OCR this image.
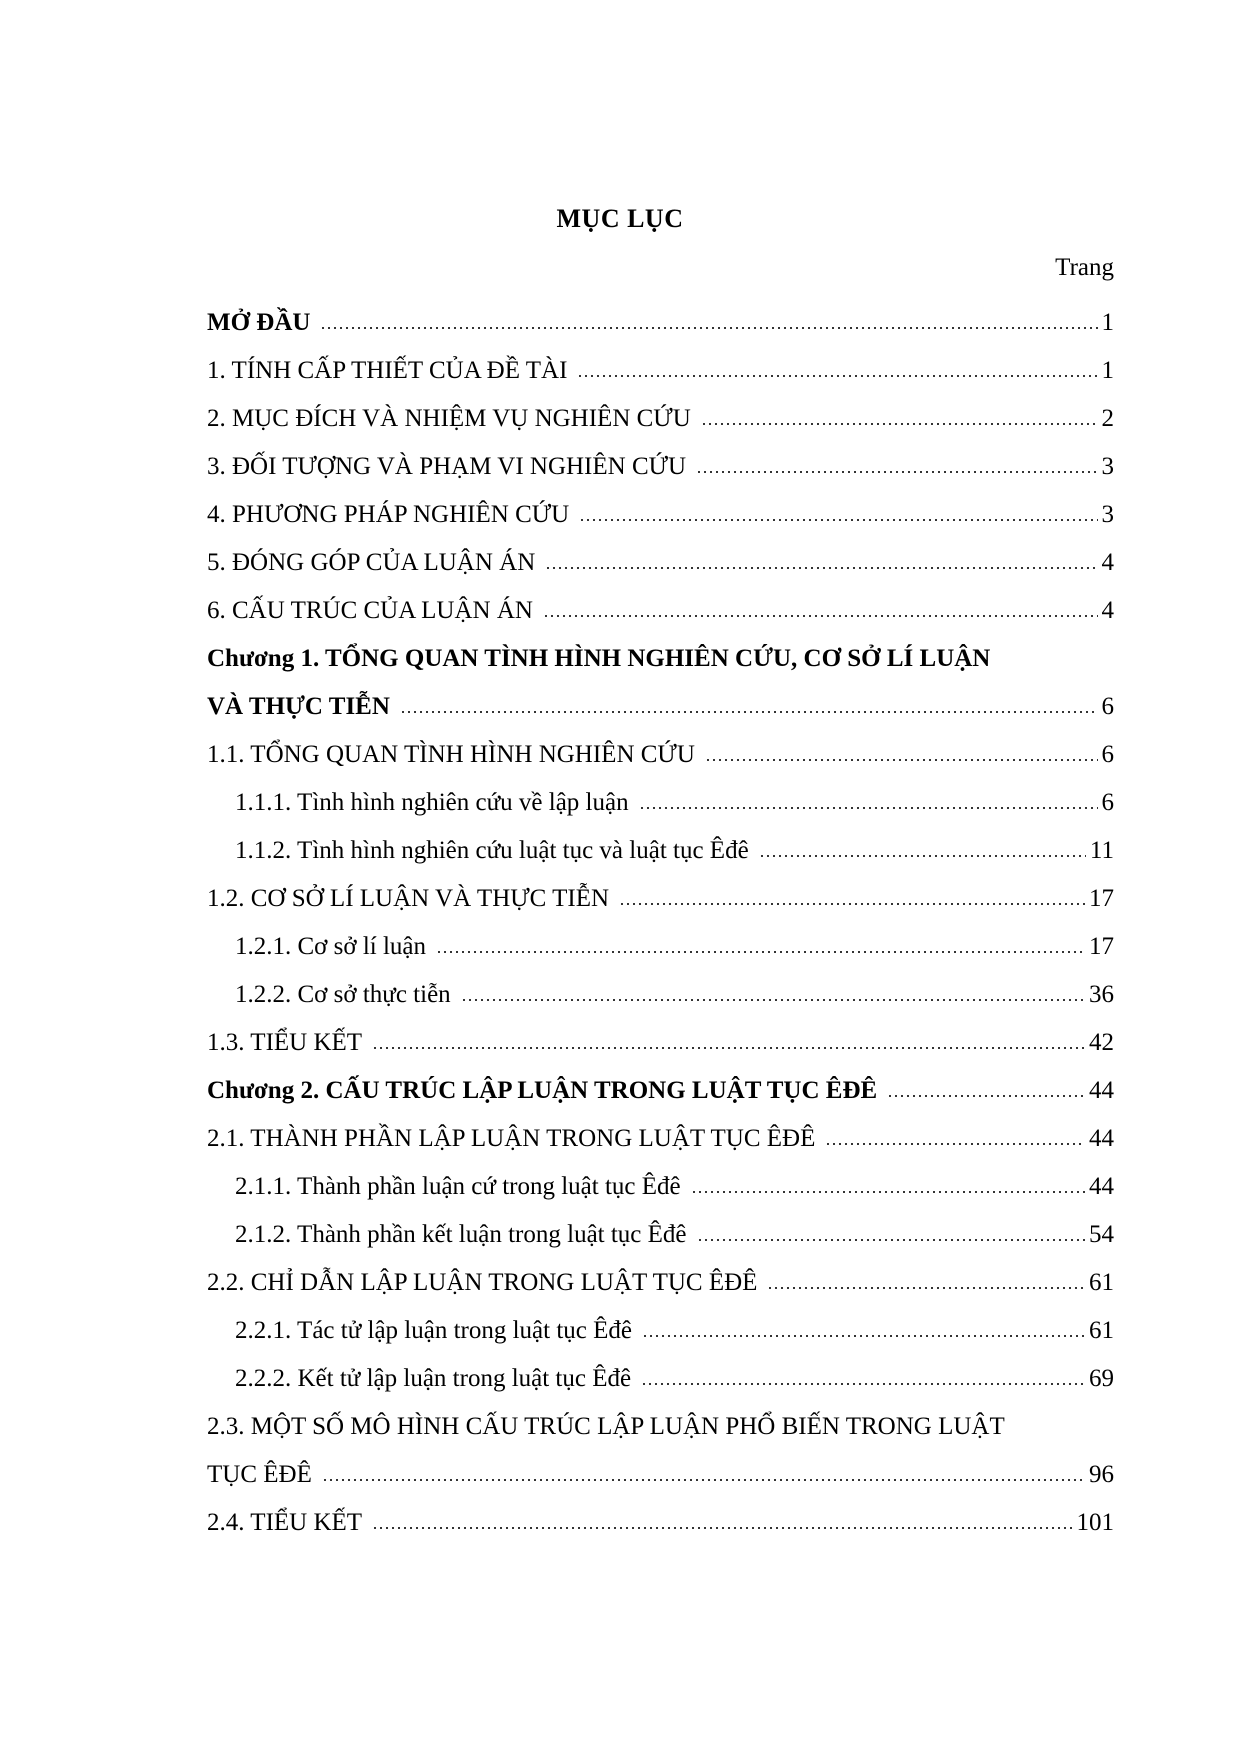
MỤC LỤC
Trang
MỞ ĐẦU	1
1. TÍNH CẤP THIẾT CỦA ĐỀ TÀI	1
2. MỤC ĐÍCH VÀ NHIỆM VỤ NGHIÊN CỨU	2
3. ĐỐI TƯỢNG VÀ PHẠM VI NGHIÊN CỨU	3
4. PHƯƠNG PHÁP NGHIÊN CỨU	3
5. ĐÓNG GÓP CỦA LUẬN ÁN	4
6. CẤU TRÚC CỦA LUẬN ÁN	4
Chương 1. TỔNG QUAN TÌNH HÌNH NGHIÊN CỨU, CƠ SỞ LÍ LUẬN
VÀ THỰC TIỄN	6
1.1. TỔNG QUAN TÌNH HÌNH NGHIÊN CỨU	6
1.1.1. Tình hình nghiên cứu về lập luận	6
1.1.2. Tình hình nghiên cứu luật tục và luật tục Êđê	11
1.2. CƠ SỞ LÍ LUẬN VÀ THỰC TIỄN	17
1.2.1. Cơ sở lí luận	17
1.2.2. Cơ sở thực tiễn	36
1.3. TIỂU KẾT	42
Chương 2. CẤU TRÚC LẬP LUẬN TRONG LUẬT TỤC ÊĐÊ	44
2.1. THÀNH PHẦN LẬP LUẬN TRONG LUẬT TỤC ÊĐÊ	44
2.1.1. Thành phần luận cứ trong luật tục Êđê	44
2.1.2. Thành phần kết luận trong luật tục Êđê	54
2.2. CHỈ DẪN LẬP LUẬN TRONG LUẬT TỤC ÊĐÊ	61
2.2.1. Tác tử lập luận trong luật tục Êđê	61
2.2.2. Kết tử lập luận trong luật tục Êđê	69
2.3. MỘT SỐ MÔ HÌNH CẤU TRÚC LẬP LUẬN PHỔ BIẾN TRONG LUẬT
TỤC ÊĐÊ	96
2.4. TIỂU KẾT	101
